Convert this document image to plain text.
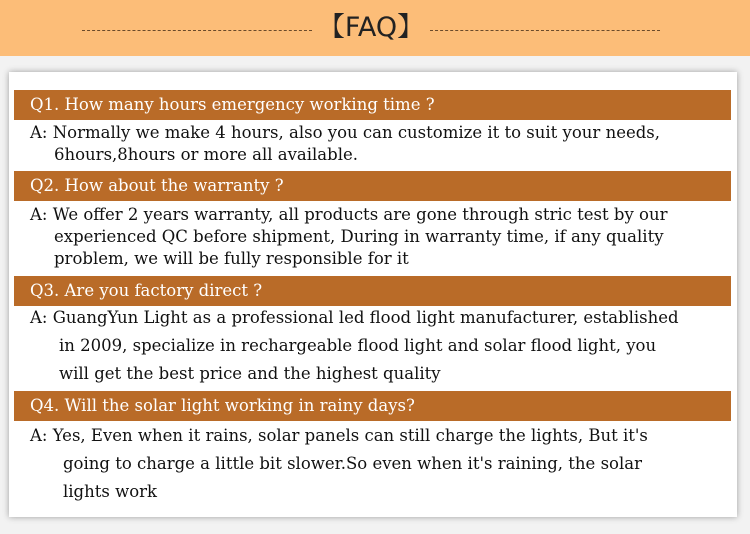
【FAQ】
Q1. How many hours emergency working time ?
A: Normally we make 4 hours, also you can customize it to suit your needs,
6hours,8hours or more all available.
Q2. How about the warranty ?
A: We offer 2 years warranty, all products are gone through stric test by our
experienced QC before shipment, During in warranty time, if any quality
problem, we will be fully responsible for it
Q3. Are you factory direct ?
A: GuangYun Light as a professional led flood light manufacturer, established
in 2009, specialize in rechargeable flood light and solar flood light, you
will get the best price and the highest quality
Q4. Will the solar light working in rainy days?
A: Yes, Even when it rains, solar panels can still charge the lights, But it's
going to charge a little bit slower.So even when it's raining, the solar
lights work
